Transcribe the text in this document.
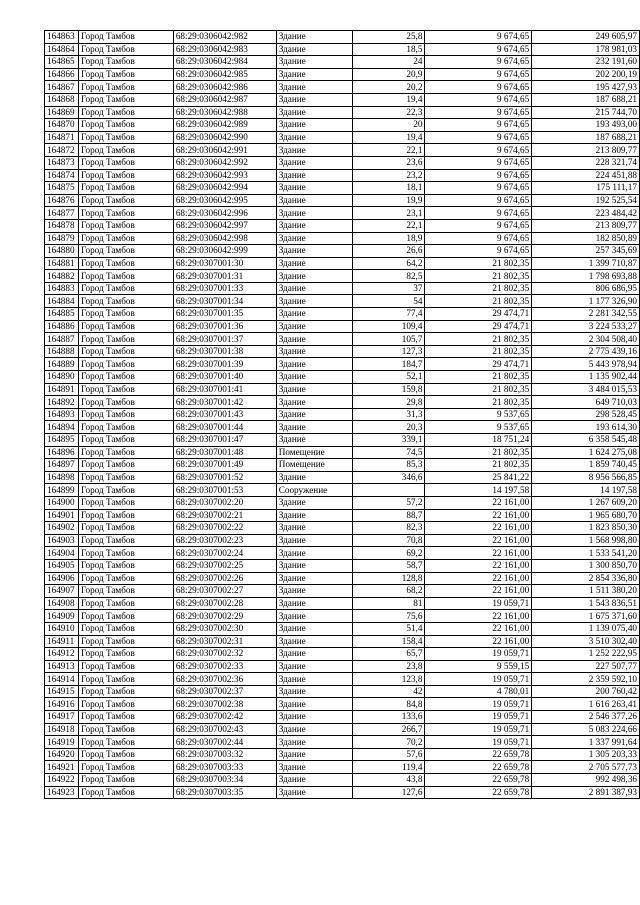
164863	Город Тамбов	68:29:0306042:982	Здание	25,8	9 674,65	249 605,97
164864	Город Тамбов	68:29:0306042:983	Здание	18,5	9 674,65	178 981,03
164865	Город Тамбов	68:29:0306042:984	Здание	24	9 674,65	232 191,60
164866	Город Тамбов	68:29:0306042:985	Здание	20,9	9 674,65	202 200,19
164867	Город Тамбов	68:29:0306042:986	Здание	20,2	9 674,65	195 427,93
164868	Город Тамбов	68:29:0306042:987	Здание	19,4	9 674,65	187 688,21
164869	Город Тамбов	68:29:0306042:988	Здание	22,3	9 674,65	215 744,70
164870	Город Тамбов	68:29:0306042:989	Здание	20	9 674,65	193 493,00
164871	Город Тамбов	68:29:0306042:990	Здание	19,4	9 674,65	187 688,21
164872	Город Тамбов	68:29:0306042:991	Здание	22,1	9 674,65	213 809,77
164873	Город Тамбов	68:29:0306042:992	Здание	23,6	9 674,65	228 321,74
164874	Город Тамбов	68:29:0306042:993	Здание	23,2	9 674,65	224 451,88
164875	Город Тамбов	68:29:0306042:994	Здание	18,1	9 674,65	175 111,17
164876	Город Тамбов	68:29:0306042:995	Здание	19,9	9 674,65	192 525,54
164877	Город Тамбов	68:29:0306042:996	Здание	23,1	9 674,65	223 484,42
164878	Город Тамбов	68:29:0306042:997	Здание	22,1	9 674,65	213 809,77
164879	Город Тамбов	68:29:0306042:998	Здание	18,9	9 674,65	182 850,89
164880	Город Тамбов	68:29:0306042:999	Здание	26,6	9 674,65	257 345,69
164881	Город Тамбов	68:29:0307001:30	Здание	64,2	21 802,35	1 399 710,87
164882	Город Тамбов	68:29:0307001:31	Здание	82,5	21 802,35	1 798 693,88
164883	Город Тамбов	68:29:0307001:33	Здание	37	21 802,35	806 686,95
164884	Город Тамбов	68:29:0307001:34	Здание	54	21 802,35	1 177 326,90
164885	Город Тамбов	68:29:0307001:35	Здание	77,4	29 474,71	2 281 342,55
164886	Город Тамбов	68:29:0307001:36	Здание	109,4	29 474,71	3 224 533,27
164887	Город Тамбов	68:29:0307001:37	Здание	105,7	21 802,35	2 304 508,40
164888	Город Тамбов	68:29:0307001:38	Здание	127,3	21 802,35	2 775 439,16
164889	Город Тамбов	68:29:0307001:39	Здание	184,7	29 474,71	5 443 978,94
164890	Город Тамбов	68:29:0307001:40	Здание	52,1	21 802,35	1 135 902,44
164891	Город Тамбов	68:29:0307001:41	Здание	159,8	21 802,35	3 484 015,53
164892	Город Тамбов	68:29:0307001:42	Здание	29,8	21 802,35	649 710,03
164893	Город Тамбов	68:29:0307001:43	Здание	31,3	9 537,65	298 528,45
164894	Город Тамбов	68:29:0307001:44	Здание	20,3	9 537,65	193 614,30
164895	Город Тамбов	68:29:0307001:47	Здание	339,1	18 751,24	6 358 545,48
164896	Город Тамбов	68:29:0307001:48	Помещение	74,5	21 802,35	1 624 275,08
164897	Город Тамбов	68:29:0307001:49	Помещение	85,3	21 802,35	1 859 740,45
164898	Город Тамбов	68:29:0307001:52	Здание	346,6	25 841,22	8 956 566,85
164899	Город Тамбов	68:29:0307001:53	Сооружение		14 197,58	14 197,58
164900	Город Тамбов	68:29:0307002:20	Здание	57,2	22 161,00	1 267 609,20
164901	Город Тамбов	68:29:0307002:21	Здание	88,7	22 161,00	1 965 680,70
164902	Город Тамбов	68:29:0307002:22	Здание	82,3	22 161,00	1 823 850,30
164903	Город Тамбов	68:29:0307002:23	Здание	70,8	22 161,00	1 568 998,80
164904	Город Тамбов	68:29:0307002:24	Здание	69,2	22 161,00	1 533 541,20
164905	Город Тамбов	68:29:0307002:25	Здание	58,7	22 161,00	1 300 850,70
164906	Город Тамбов	68:29:0307002:26	Здание	128,8	22 161,00	2 854 336,80
164907	Город Тамбов	68:29:0307002:27	Здание	68,2	22 161,00	1 511 380,20
164908	Город Тамбов	68:29:0307002:28	Здание	81	19 059,71	1 543 836,51
164909	Город Тамбов	68:29:0307002:29	Здание	75,6	22 161,00	1 675 371,60
164910	Город Тамбов	68:29:0307002:30	Здание	51,4	22 161,00	1 139 075,40
164911	Город Тамбов	68:29:0307002:31	Здание	158,4	22 161,00	3 510 302,40
164912	Город Тамбов	68:29:0307002:32	Здание	65,7	19 059,71	1 252 222,95
164913	Город Тамбов	68:29:0307002:33	Здание	23,8	9 559,15	227 507,77
164914	Город Тамбов	68:29:0307002:36	Здание	123,8	19 059,71	2 359 592,10
164915	Город Тамбов	68:29:0307002:37	Здание	42	4 780,01	200 760,42
164916	Город Тамбов	68:29:0307002:38	Здание	84,8	19 059,71	1 616 263,41
164917	Город Тамбов	68:29:0307002:42	Здание	133,6	19 059,71	2 546 377,26
164918	Город Тамбов	68:29:0307002:43	Здание	266,7	19 059,71	5 083 224,66
164919	Город Тамбов	68:29:0307002:44	Здание	70,2	19 059,71	1 337 991,64
164920	Город Тамбов	68:29:0307003:32	Здание	57,6	22 659,78	1 305 203,33
164921	Город Тамбов	68:29:0307003:33	Здание	119,4	22 659,78	2 705 577,73
164922	Город Тамбов	68:29:0307003:34	Здание	43,8	22 659,78	992 498,36
164923	Город Тамбов	68:29:0307003:35	Здание	127,6	22 659,78	2 891 387,93
